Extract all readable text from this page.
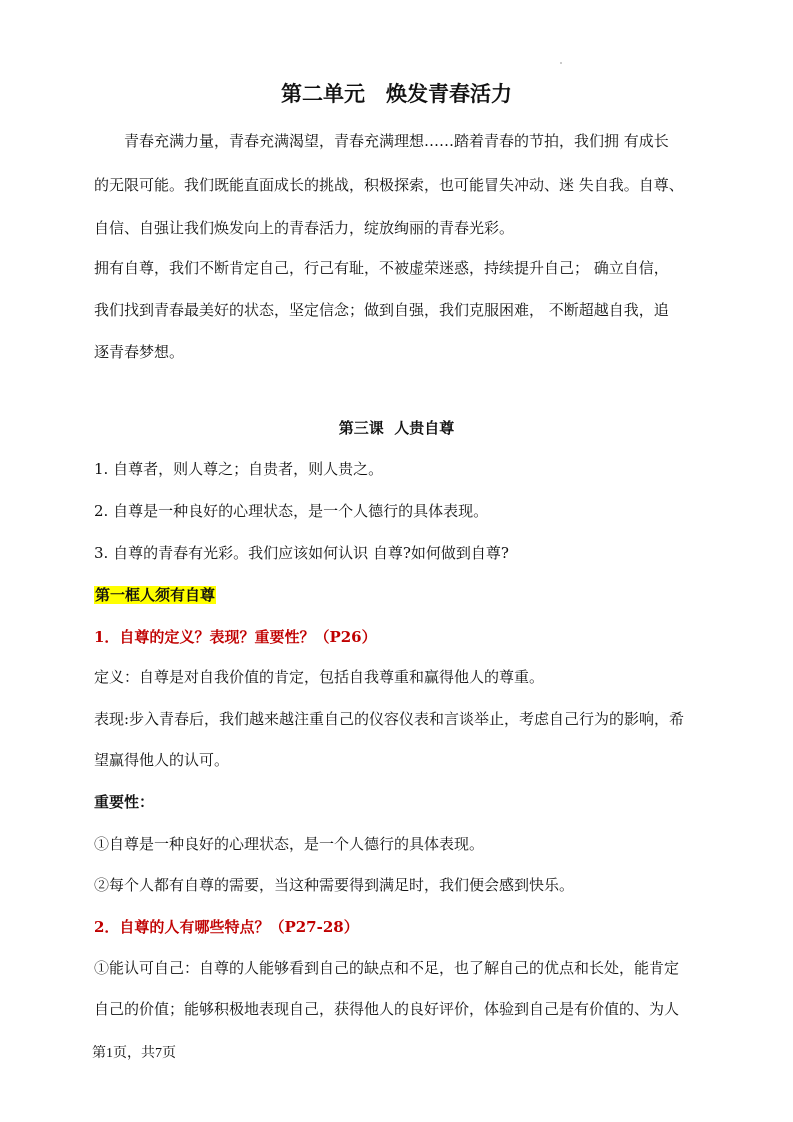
第二单元　焕发青春活力
青春充满力量，青春充满渴望，青春充满理想……踏着青春的节拍，我们拥 有成长
的无限可能。我们既能直面成长的挑战，积极探索，也可能冒失冲动、迷 失自我。自尊、
自信、自强让我们焕发向上的青春活力，绽放绚丽的青春光彩。
拥有自尊，我们不断肯定自己，行己有耻，不被虚荣迷惑，持续提升自己； 确立自信，
我们找到青春最美好的状态，坚定信念；做到自强，我们克服困难， 不断超越自我，追
逐青春梦想。
第三课  人贵自尊
1. 自尊者，则人尊之；自贵者，则人贵之。
2. 自尊是一种良好的心理状态，是一个人德行的具体表现。
3. 自尊的青春有光彩。我们应该如何认识 自尊?如何做到自尊?
第一框人须有自尊
1．自尊的定义？表现？重要性？（P26）
定义：自尊是对自我价值的肯定，包括自我尊重和赢得他人的尊重。
表现:步入青春后，我们越来越注重自己的仪容仪表和言谈举止，考虑自己行为的影响，希
望赢得他人的认可。
重要性：
①自尊是一种良好的心理状态，是一个人德行的具体表现。
②每个人都有自尊的需要，当这种需要得到满足时，我们便会感到快乐。
2．自尊的人有哪些特点？（P27-28）
①能认可自己：自尊的人能够看到自己的缺点和不足，也了解自己的优点和长处，能肯定
自己的价值；能够积极地表现自己，获得他人的良好评价，体验到自己是有价值的、为人
第1页，共7页
